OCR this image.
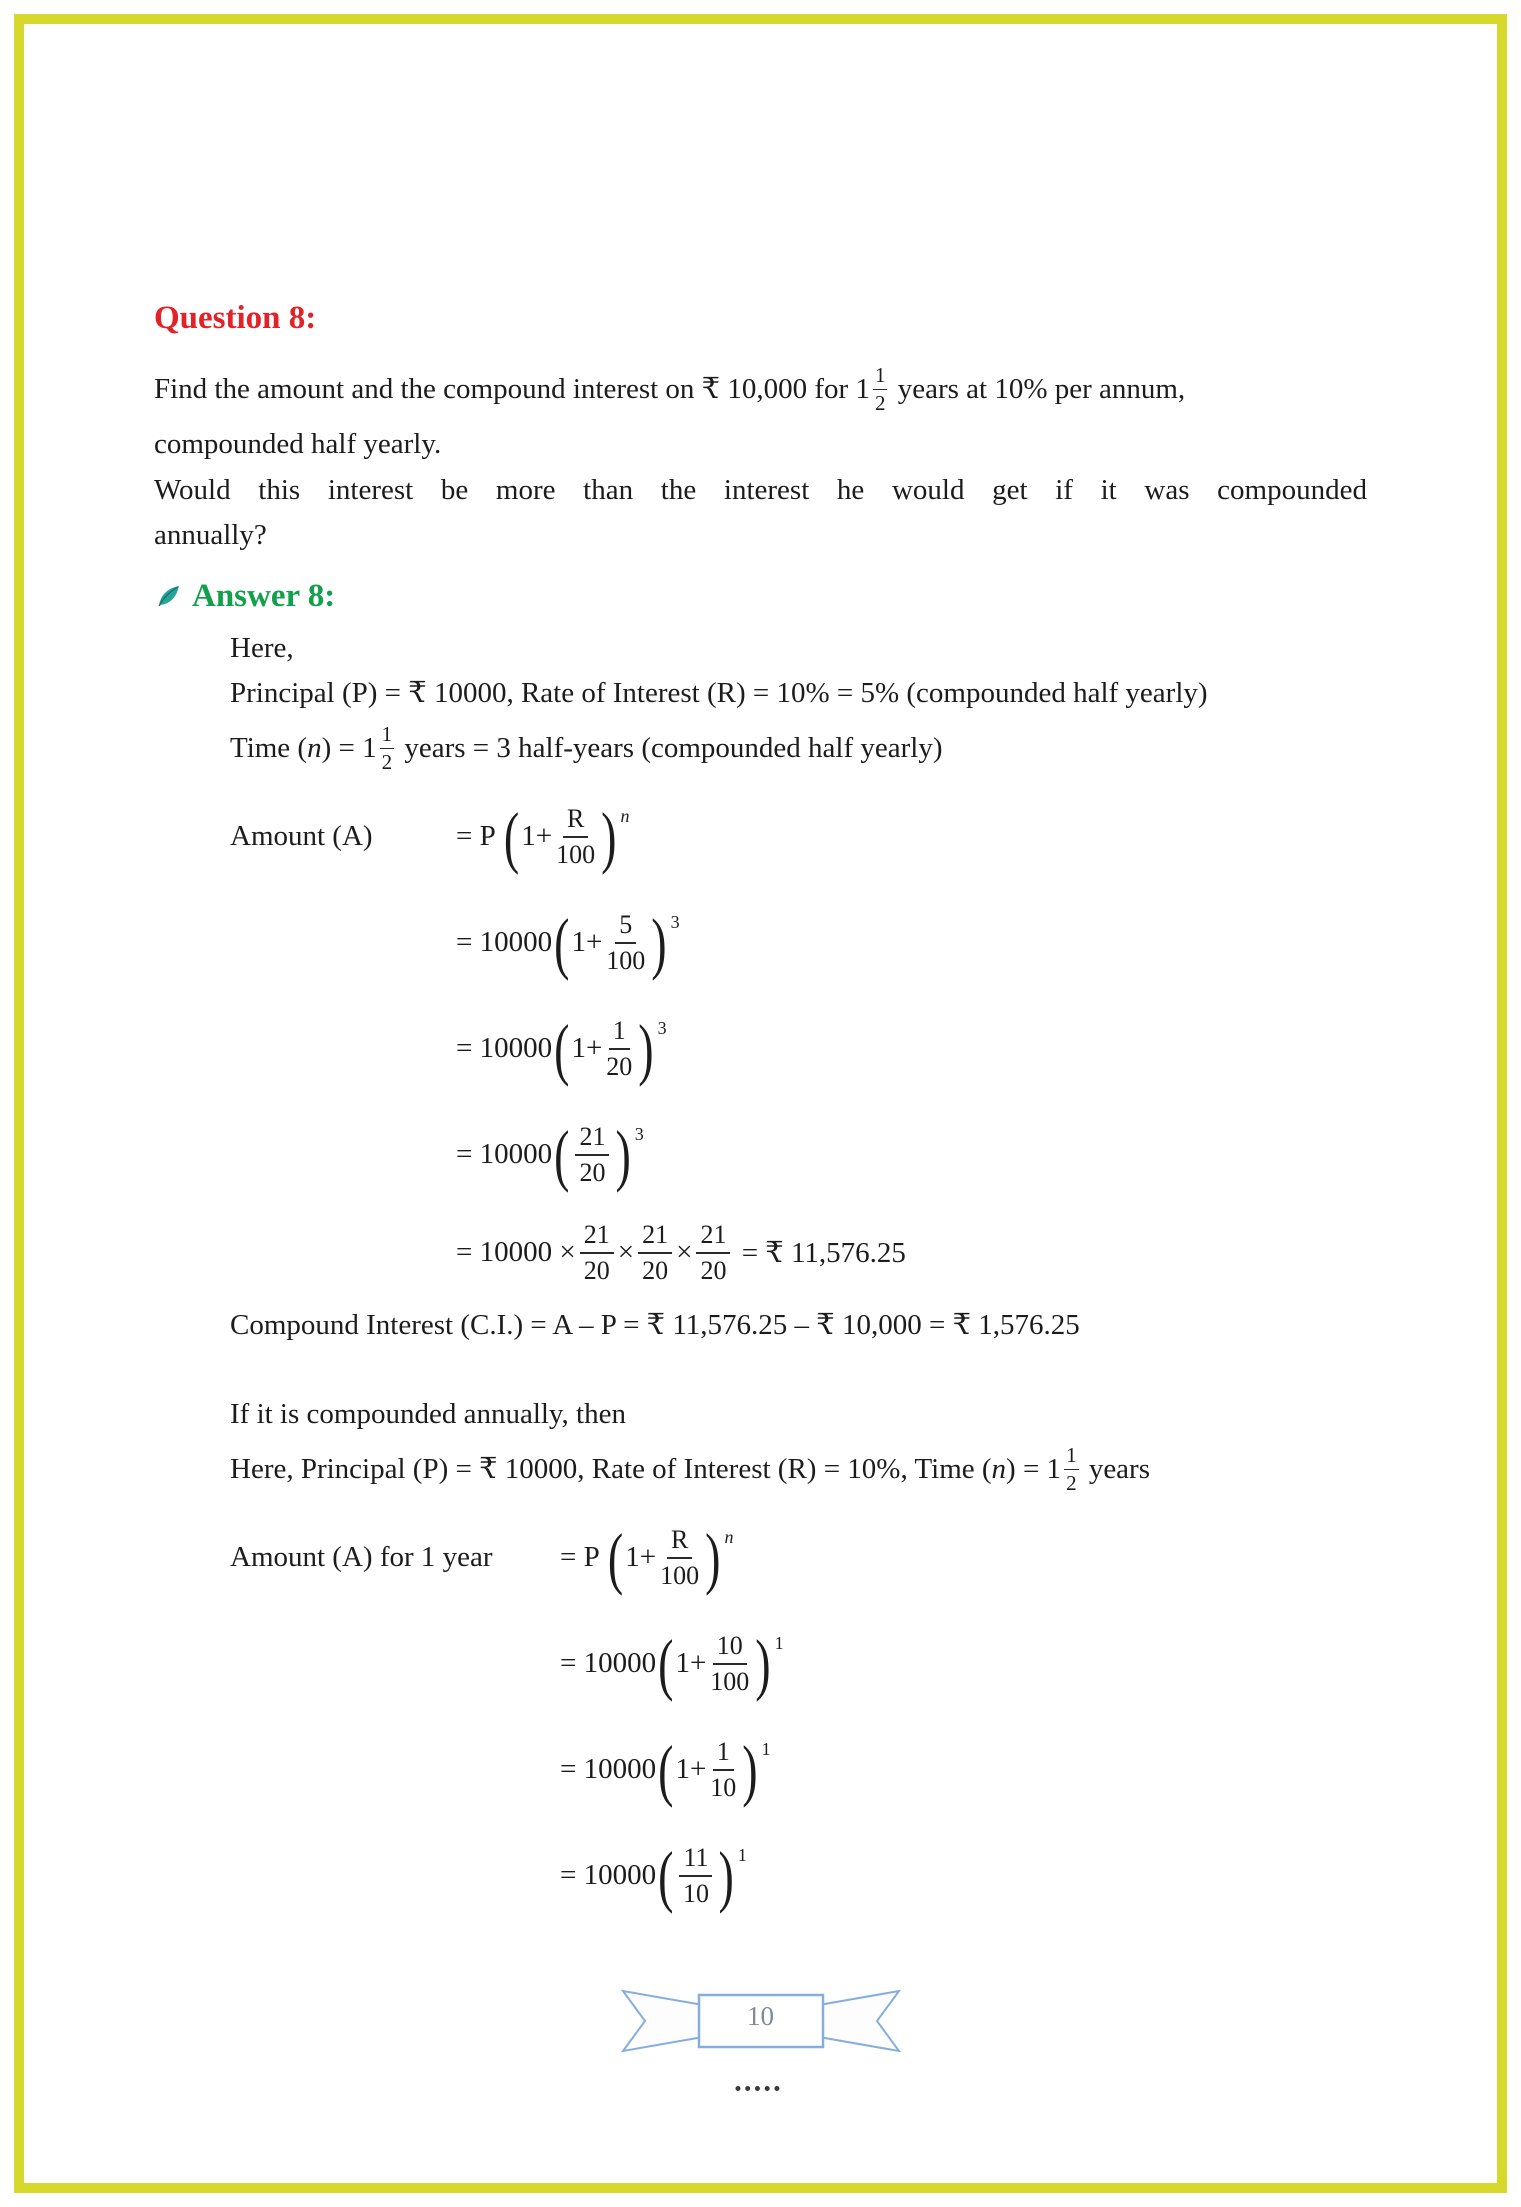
Question 8:
Find the amount and the compound interest on ₹ 10,000 for $1 \frac{1}{2}$ years at 10% per annum,
compounded half yearly.
Would this interest be more than the interest he would get if it was compounded
annually?
Answer 8:
Here,
Principal (P) = ₹ 10000, Rate of Interest (R) = 10% = 5% (compounded half yearly)
Time ( n ) = $1 \frac{1}{2}$ years = 3 half-years (compounded half yearly)
Amount (A)	= P ( $1+ \frac{R}{100}$ ) n
= 10000 ( $1+ \frac{5}{100}$ ) 3
= 10000 ( $1+ \frac{1}{20}$ ) 3
= 10000 ( $\frac{21}{20}$ ) 3
= $10000 \times \frac{21}{20} \times \frac{21}{20} \times \frac{21}{20}$ = ₹ 11,576.25
Compound Interest (C.I.) = A – P = ₹ 11,576.25 – ₹ 10,000 = ₹ 1,576.25
If it is compounded annually, then
Here, Principal (P) = ₹ 10000, Rate of Interest (R) = 10%, Time ( n ) = $1 \frac{1}{2}$ years
Amount (A) for 1 year	= P ( $1+ \frac{R}{100}$ ) n
= 10000 ( $1+ \frac{10}{100}$ ) 1
= 10000 ( $1+ \frac{1}{10}$ ) 1
= 10000 ( $\frac{11}{10}$ ) 1
10
